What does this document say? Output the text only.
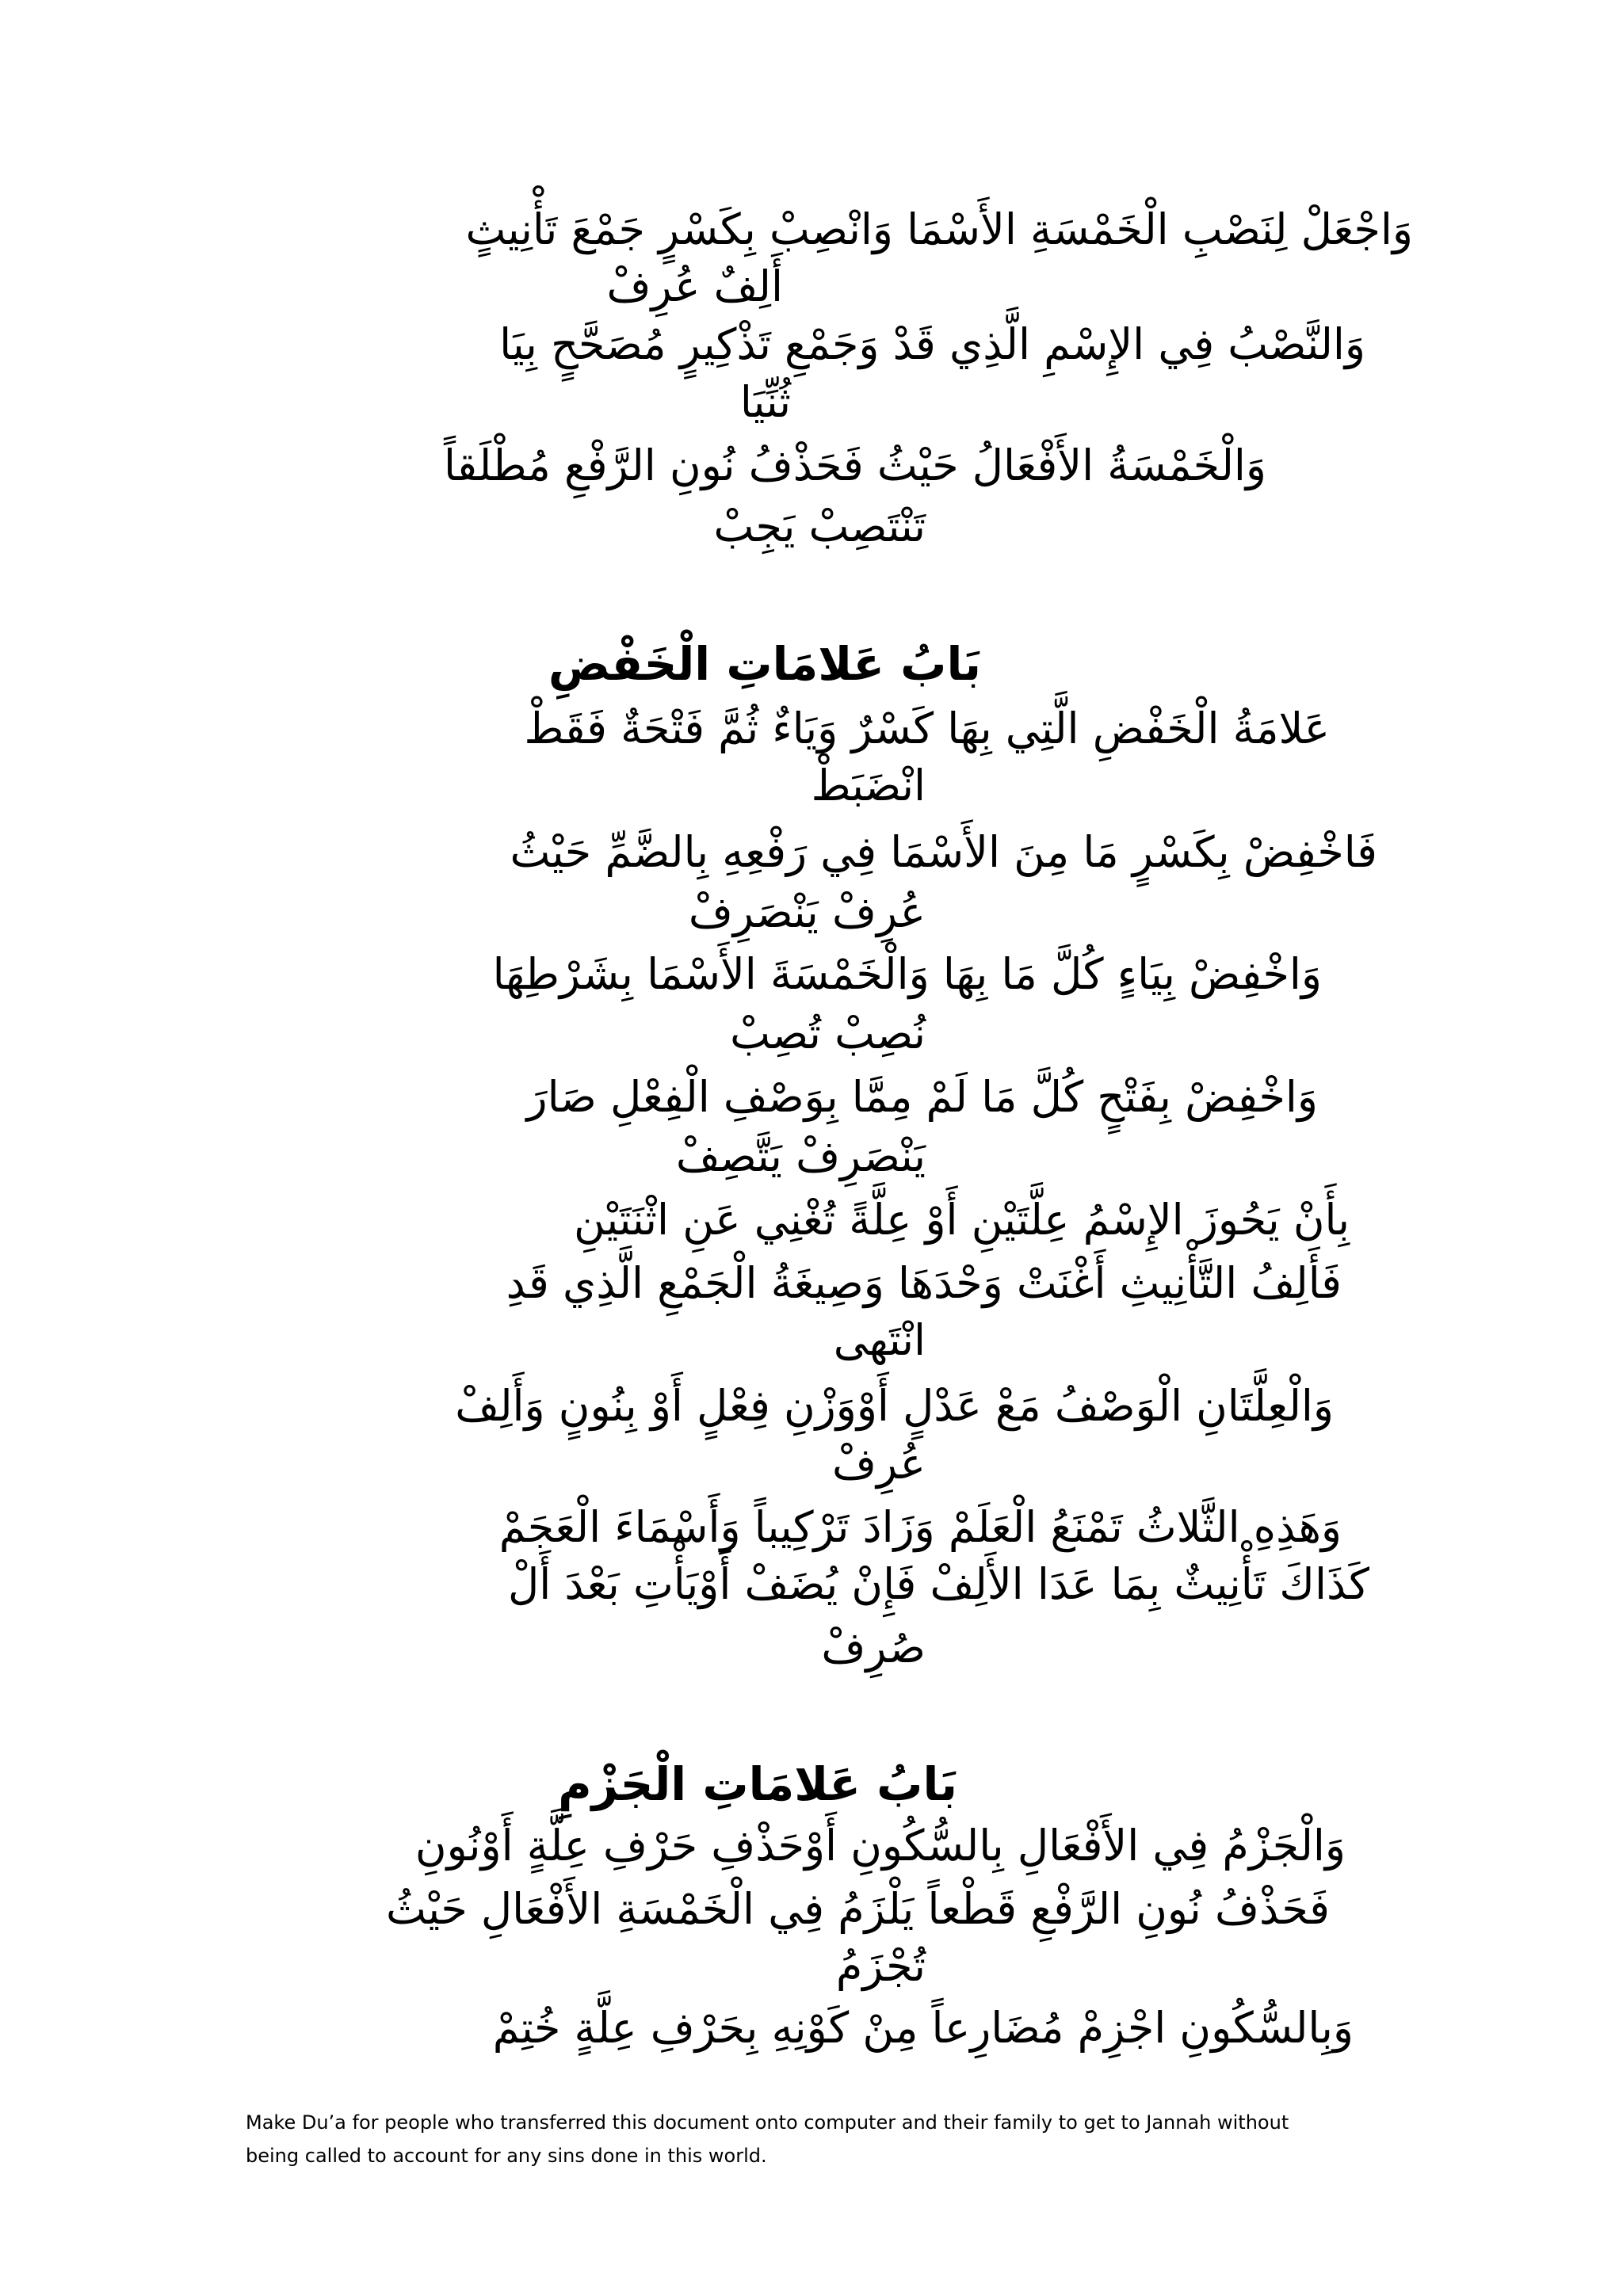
وَاجْعَلْ لِنَصْبِ الْخَمْسَةِ الأَسْمَا وَانْصِبْ بِكَسْرٍ جَمْعَ تَأْنِيثٍ
أَلِفٌ عُرِفْ
وَالنَّصْبُ فِي الإِسْمِ الَّذِي قَدْ وَجَمْعِ تَذْكِيرٍ مُصَحَّحٍ بِيَا
ثُنِّيَا
وَالْخَمْسَةُ الأَفْعَالُ حَيْثُ فَحَذْفُ نُونِ الرَّفْعِ مُطْلَقاً
تَنْتَصِبْ يَجِبْ
بَابُ عَلامَاتِ الْخَفْضِ
عَلامَةُ الْخَفْضِ الَّتِي بِهَا كَسْرٌ وَيَاءٌ ثُمَّ فَتْحَةٌ فَقَطْ
انْضَبَطْ
فَاخْفِضْ بِكَسْرٍ مَا مِنَ الأَسْمَا فِي رَفْعِهِ بِالضَّمِّ حَيْثُ
عُرِفْ يَنْصَرِفْ
وَاخْفِضْ بِيَاءٍ كُلَّ مَا بِهَا وَالْخَمْسَةَ الأَسْمَا بِشَرْطِهَا
نُصِبْ تُصِبْ
وَاخْفِضْ بِفَتْحٍ كُلَّ مَا لَمْ مِمَّا بِوَصْفِ الْفِعْلِ صَارَ
يَنْصَرِفْ يَتَّصِفْ
بِأَنْ يَحُوزَ الإِسْمُ عِلَّتَيْنِ أَوْ عِلَّةً تُغْنِي عَنِ اثْنَتَيْنِ
فَأَلِفُ التَّأْنِيثِ أَغْنَتْ وَحْدَهَا وَصِيغَةُ الْجَمْعِ الَّذِي قَدِ
انْتَهى
وَالْعِلَّتَانِ الْوَصْفُ مَعْ عَدْلٍ أَوْوَزْنِ فِعْلٍ أَوْ بِنُونٍ وَأَلِفْ
عُرِفْ
وَهَذِهِ الثَّلاثُ تَمْنَعُ الْعَلَمْ وَزَادَ تَرْكِيباً وَأَسْمَاءَ الْعَجَمْ
كَذَاكَ تَأْنِيثٌ بِمَا عَدَا الأَلِفْ فَإِنْ يُضَفْ أَوْيَأْتِ بَعْدَ أَلْ
صُرِفْ
بَابُ عَلامَاتِ الْجَزْمِ
وَالْجَزْمُ فِي الأَفْعَالِ بِالسُّكُونِ أَوْحَذْفِ حَرْفِ عِلَّةٍ أَوْنُونِ
فَحَذْفُ نُونِ الرَّفْعِ قَطْعاً يَلْزَمُ فِي الْخَمْسَةِ الأَفْعَالِ حَيْثُ
تُجْزَمُ
وَبِالسُّكُونِ اجْزِمْ مُضَارِعاً مِنْ كَوْنِهِ بِحَرْفِ عِلَّةٍ خُتِمْ
Make Du’a for people who transferred this document onto computer and their family to get to Jannah without
being called to account for any sins done in this world.
